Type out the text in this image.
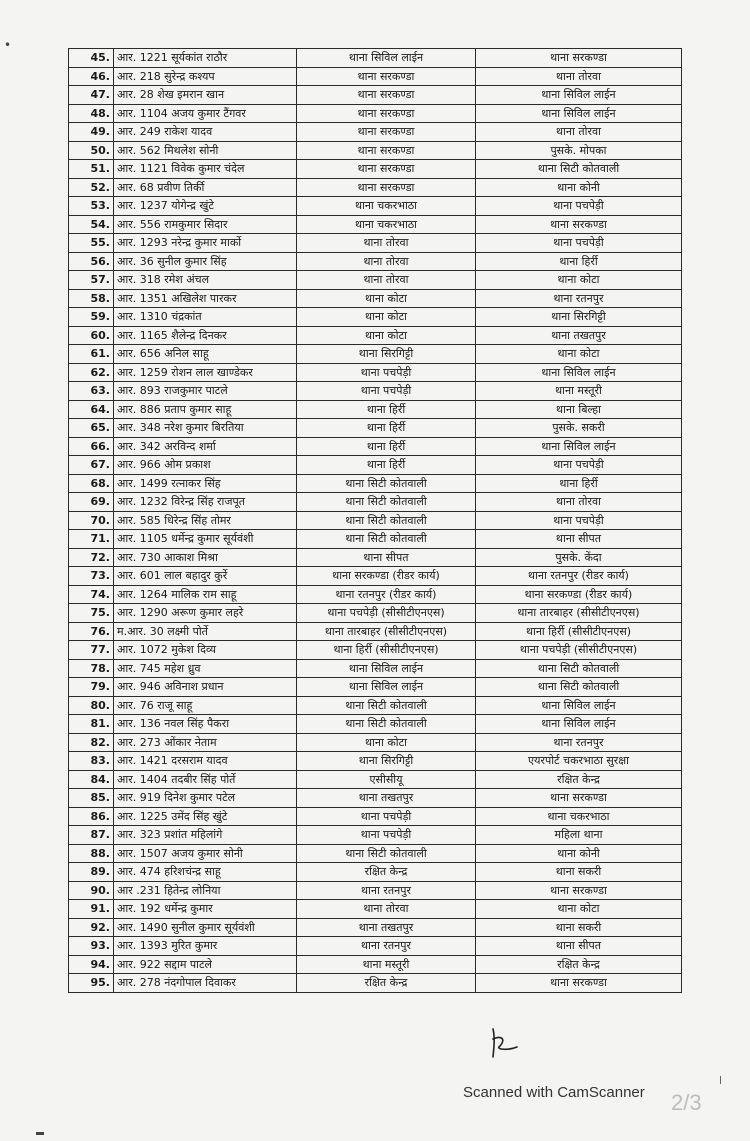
•
45.	आर. 1221 सूर्यकांत राठौर	थाना सिविल लाईन	थाना सरकण्डा
46.	आर. 218 सुरेन्द्र कश्यप	थाना सरकण्डा	थाना तोरवा
47.	आर. 28 शेख इमरान खान	थाना सरकण्डा	थाना सिविल लाईन
48.	आर. 1104 अजय कुमार टैंगवर	थाना सरकण्डा	थाना सिविल लाईन
49.	आर. 249 राकेश यादव	थाना सरकण्डा	थाना तोरवा
50.	आर. 562 मिथलेश सोनी	थाना सरकण्डा	पुसके. मोपका
51.	आर. 1121 विवेक कुमार चंदेल	थाना सरकण्डा	थाना सिटी कोतवाली
52.	आर. 68 प्रवीण तिर्की	थाना सरकण्डा	थाना कोनी
53.	आर. 1237 योगेन्द्र खुंटे	थाना चकरभाठा	थाना पचपेड़ी
54.	आर. 556 रामकुमार सिदार	थाना चकरभाठा	थाना सरकण्डा
55.	आर. 1293 नरेन्द्र कुमार मार्को	थाना तोरवा	थाना पचपेड़ी
56.	आर. 36 सुनील कुमार सिंह	थाना तोरवा	थाना हिर्री
57.	आर. 318 रमेश अंचल	थाना तोरवा	थाना कोटा
58.	आर. 1351 अखिलेश पारकर	थाना कोटा	थाना रतनपुर
59.	आर. 1310 चंद्रकांत	थाना कोटा	थाना सिरगिट्टी
60.	आर. 1165 शैलेन्द्र दिनकर	थाना कोटा	थाना तखतपुर
61.	आर. 656 अनिल साहू	थाना सिरगिट्टी	थाना कोटा
62.	आर. 1259 रोशन लाल खाण्डेकर	थाना पचपेड़ी	थाना सिविल लाईन
63.	आर. 893 राजकुमार पाटले	थाना पचपेड़ी	थाना मस्तूरी
64.	आर. 886 प्रताप कुमार साहू	थाना हिर्री	थाना बिल्हा
65.	आर. 348 नरेश कुमार बिरतिया	थाना हिर्री	पुसके. सकरी
66.	आर. 342 अरविन्द शर्मा	थाना हिर्री	थाना सिविल लाईन
67.	आर. 966 ओम प्रकाश	थाना हिर्री	थाना पचपेड़ी
68.	आर. 1499 रत्नाकर सिंह	थाना सिटी कोतवाली	थाना हिर्री
69.	आर. 1232 विरेन्द्र सिंह राजपूत	थाना सिटी कोतवाली	थाना तोरवा
70.	आर. 585 धिरेन्द्र सिंह तोमर	थाना सिटी कोतवाली	थाना पचपेड़ी
71.	आर. 1105 धर्मेन्द्र कुमार सूर्यवंशी	थाना सिटी कोतवाली	थाना सीपत
72.	आर. 730 आकाश मिश्रा	थाना सीपत	पुसके. केंदा
73.	आर. 601 लाल बहादुर कुर्रे	थाना सरकण्डा (रीडर कार्य)	थाना रतनपुर (रीडर कार्य)
74.	आर. 1264 मालिक राम साहू	थाना रतनपुर (रीडर कार्य)	थाना सरकण्डा (रीडर कार्य)
75.	आर. 1290 अरूण कुमार लहरे	थाना पचपेड़ी (सीसीटीएनएस)	थाना तारबाहर (सीसीटीएनएस)
76.	म.आर. 30 लक्ष्मी पोर्ते	थाना तारबाहर (सीसीटीएनएस)	थाना हिर्री (सीसीटीएनएस)
77.	आर. 1072 मुकेश दिव्य	थाना हिर्री (सीसीटीएनएस)	थाना पचपेड़ी (सीसीटीएनएस)
78.	आर. 745 महेश ध्रुव	थाना सिविल लाईन	थाना सिटी कोतवाली
79.	आर. 946 अविनाश प्रधान	थाना सिविल लाईन	थाना सिटी कोतवाली
80.	आर. 76 राजू साहू	थाना सिटी कोतवाली	थाना सिविल लाईन
81.	आर. 136 नवल सिंह पैकरा	थाना सिटी कोतवाली	थाना सिविल लाईन
82.	आर. 273 ओंकार नेताम	थाना कोटा	थाना रतनपुर
83.	आर. 1421 दरसराम यादव	थाना सिरगिट्टी	एयरपोर्ट चकरभाठा सुरक्षा
84.	आर. 1404 तदबीर सिंह पोर्ते	एसीसीयू	रक्षित केन्द्र
85.	आर. 919 दिनेश कुमार पटेल	थाना तखतपुर	थाना सरकण्डा
86.	आर. 1225 उमेंद सिंह खुंटे	थाना पचपेड़ी	थाना चकरभाठा
87.	आर. 323 प्रशांत महिलांगे	थाना पचपेड़ी	महिला थाना
88.	आर. 1507 अजय कुमार सोनी	थाना सिटी कोतवाली	थाना कोनी
89.	आर. 474 हरिशचंन्द्र साहू	रक्षित केन्द्र	थाना सकरी
90.	आर .231 हितेन्द्र लोनिया	थाना रतनपुर	थाना सरकण्डा
91.	आर. 192 धर्मेन्द्र कुमार	थाना तोरवा	थाना कोटा
92.	आर. 1490 सुनील कुमार सूर्यवंशी	थाना तखतपुर	थाना सकरी
93.	आर. 1393 मुरित कुमार	थाना रतनपुर	थाना सीपत
94.	आर. 922 सद्दाम पाटले	थाना मस्तूरी	रक्षित केन्द्र
95.	आर. 278 नंदगोपाल दिवाकर	रक्षित केन्द्र	थाना सरकण्डा
Scanned with CamScanner 2/3
